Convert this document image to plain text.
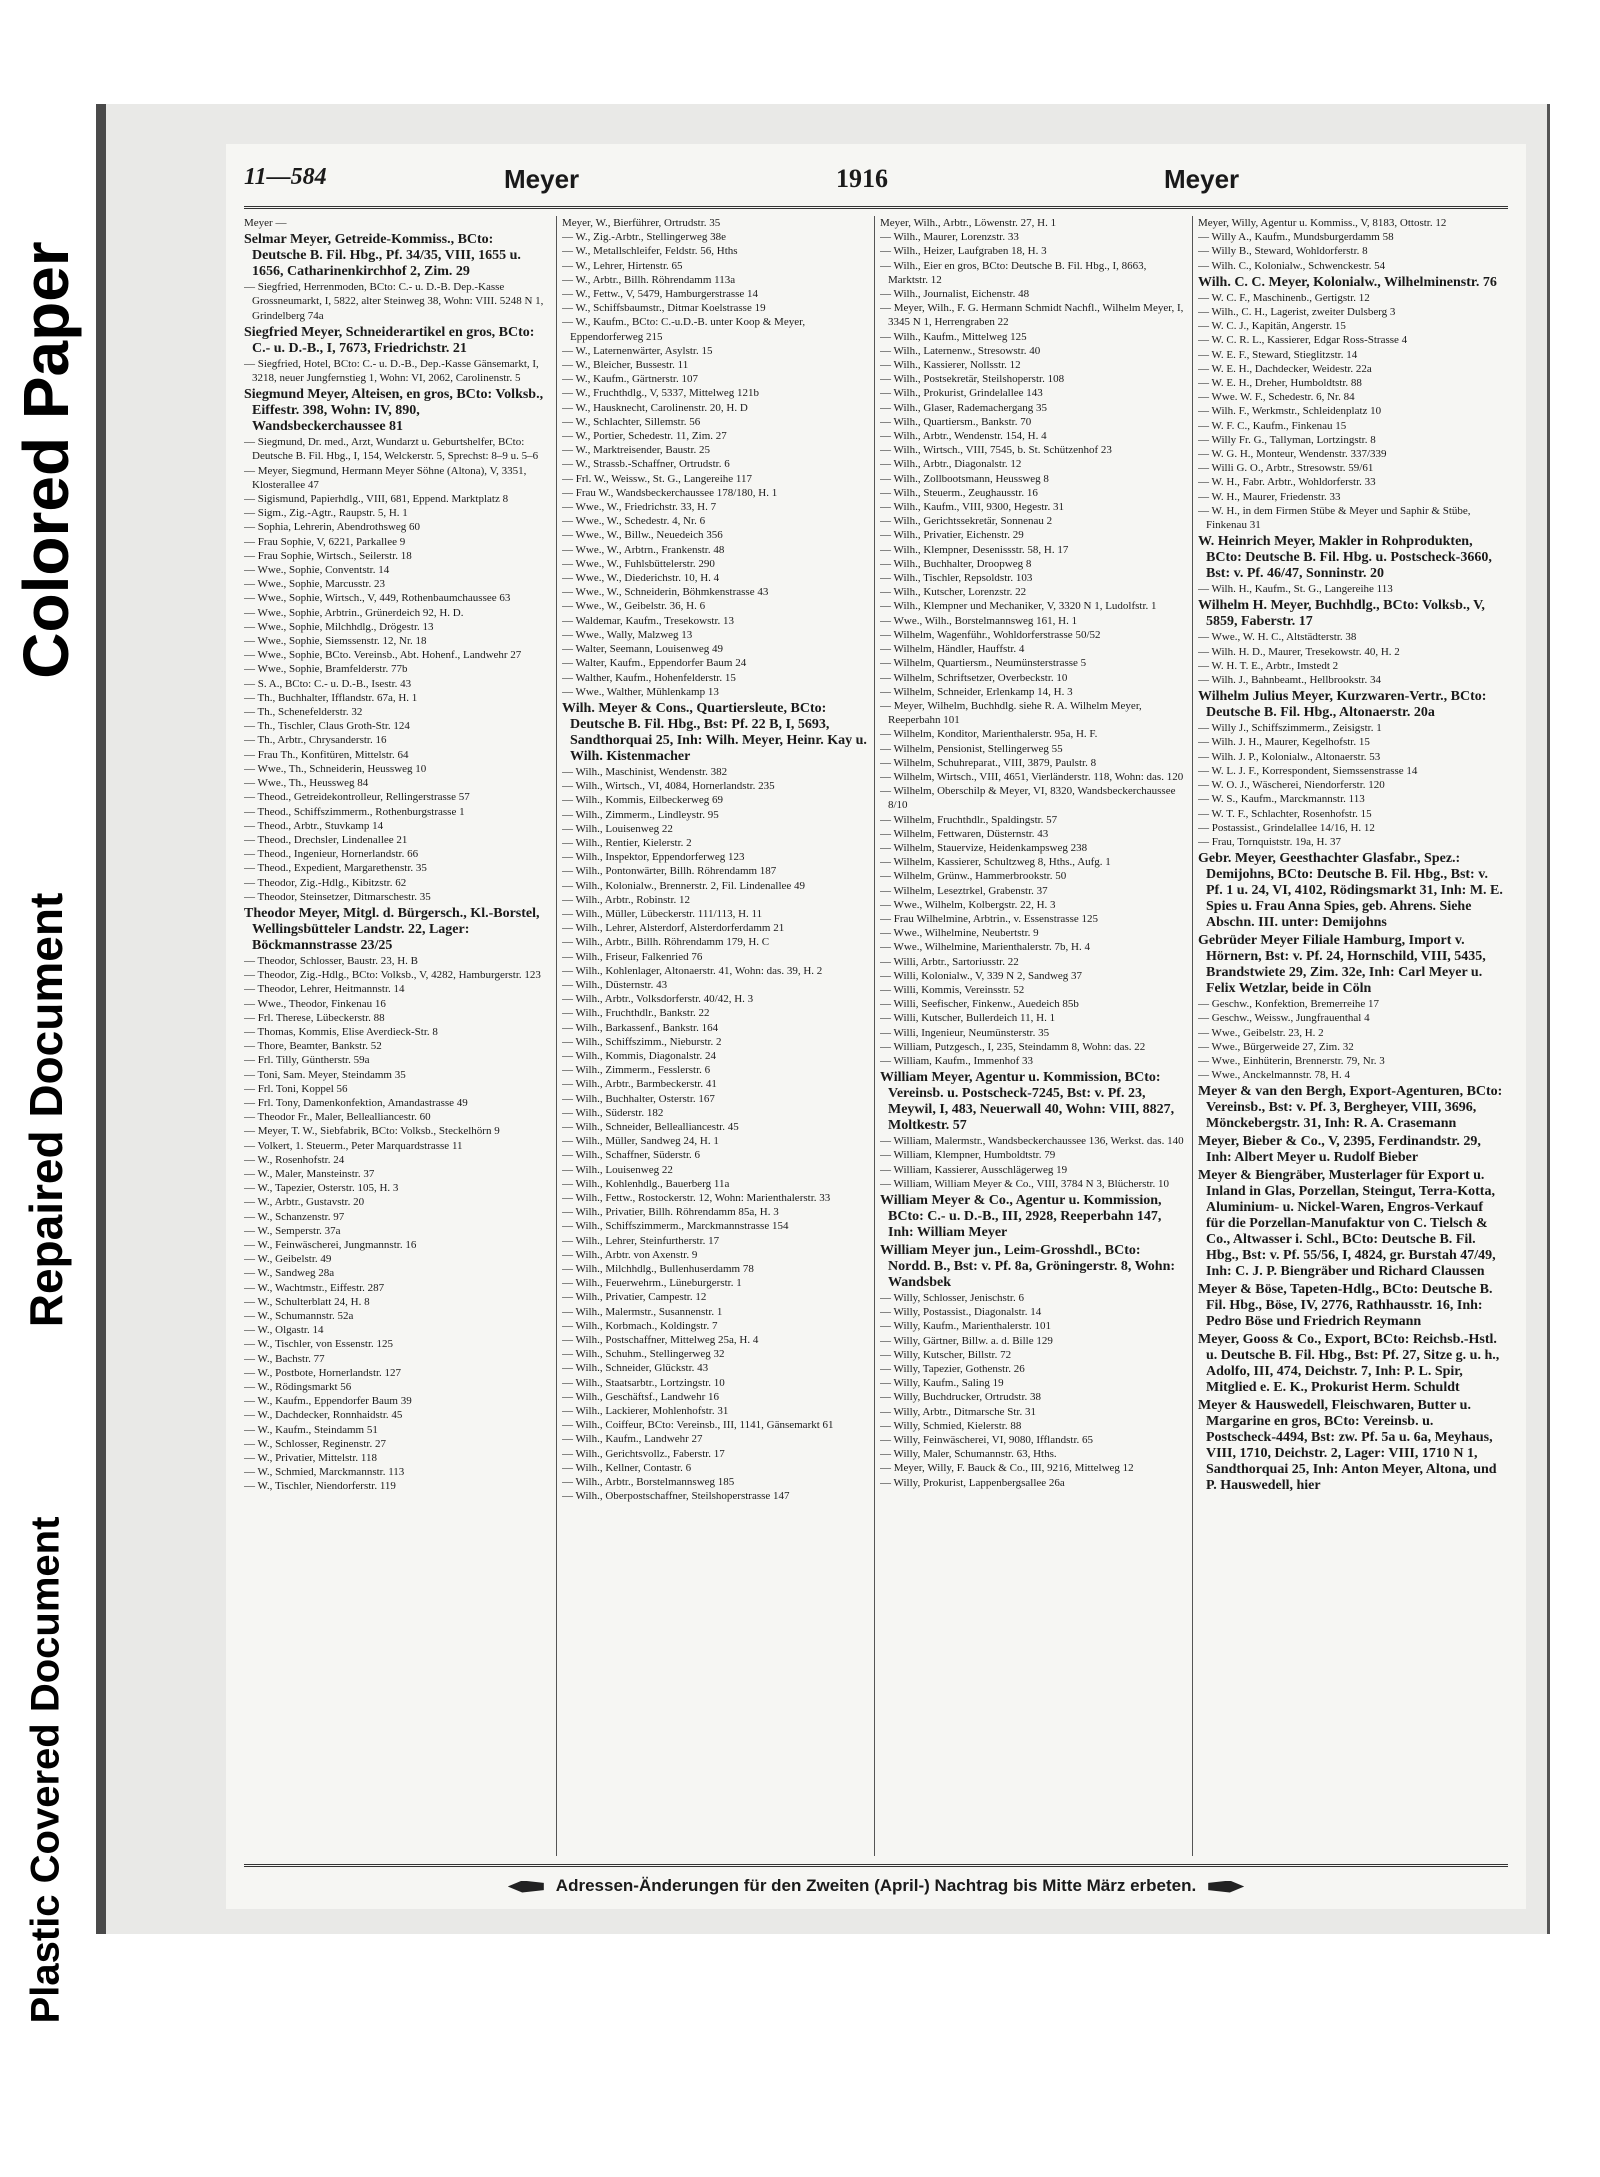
Colored Paper
Repaired Document
Plastic Covered Document
11—584	Meyer	1916	Meyer

Meyer —

Selmar Meyer, Getreide-Kommiss., BCto: Deutsche B. Fil. Hbg., Pf. 34/35, VIII, 1655 u. 1656, Catharinenkirchhof 2, Zim. 29

— Siegfried, Herrenmoden, BCto: C.- u. D.-B. Dep.-Kasse Grossneumarkt, I, 5822, alter Steinweg 38, Wohn: VIII. 5248 N 1, Grindelberg 74a

Siegfried Meyer, Schneiderartikel en gros, BCto: C.- u. D.-B., I, 7673, Friedrichstr. 21

— Siegfried, Hotel, BCto: C.- u. D.-B., Dep.-Kasse Gänsemarkt, I, 3218, neuer Jungfernstieg 1, Wohn: VI, 2062, Carolinenstr. 5

Siegmund Meyer, Alteisen, en gros, BCto: Volksb., Eiffestr. 398, Wohn: IV, 890, Wandsbeckerchaussee 81

— Siegmund, Dr. med., Arzt, Wundarzt u. Geburtshelfer, BCto: Deutsche B. Fil. Hbg., I, 154, Welckerstr. 5, Sprechst: 8–9 u. 5–6

— Meyer, Siegmund, Hermann Meyer Söhne (Altona), V, 3351, Klosterallee 47

— Sigismund, Papierhdlg., VIII, 681, Eppend. Marktplatz 8

— Sigm., Zig.-Agtr., Raupstr. 5, H. 1

— Sophia, Lehrerin, Abendrothsweg 60

— Frau Sophie, V, 6221, Parkallee 9

— Frau Sophie, Wirtsch., Seilerstr. 18

— Wwe., Sophie, Conventstr. 14

— Wwe., Sophie, Marcusstr. 23

— Wwe., Sophie, Wirtsch., V, 449, Rothenbaumchaussee 63

— Wwe., Sophie, Arbtrin., Grünerdeich 92, H. D.

— Wwe., Sophie, Milchhdlg., Drögestr. 13

— Wwe., Sophie, Siemssenstr. 12, Nr. 18

— Wwe., Sophie, BCto. Vereinsb., Abt. Hohenf., Landwehr 27

— Wwe., Sophie, Bramfelderstr. 77b

— S. A., BCto: C.- u. D.-B., Isestr. 43

— Th., Buchhalter, Ifflandstr. 67a, H. 1

— Th., Schenefelderstr. 32

— Th., Tischler, Claus Groth-Str. 124

— Th., Arbtr., Chrysanderstr. 16

— Frau Th., Konfitüren, Mittelstr. 64

— Wwe., Th., Schneiderin, Heussweg 10

— Wwe., Th., Heussweg 84

— Theod., Getreidekontrolleur, Rellingerstrasse 57

— Theod., Schiffszimmerm., Rothenburgstrasse 1

— Theod., Arbtr., Stuvkamp 14

— Theod., Drechsler, Lindenallee 21

— Theod., Ingenieur, Hornerlandstr. 66

— Theod., Expedient, Margarethenstr. 35

— Theodor, Zig.-Hdlg., Kibitzstr. 62

— Theodor, Steinsetzer, Ditmarschestr. 35

Theodor Meyer, Mitgl. d. Bürgersch., Kl.-Borstel, Wellingsbütteler Landstr. 22, Lager: Böckmannstrasse 23/25

— Theodor, Schlosser, Baustr. 23, H. B

— Theodor, Zig.-Hdlg., BCto: Volksb., V, 4282, Hamburgerstr. 123

— Theodor, Lehrer, Heitmannstr. 14

— Wwe., Theodor, Finkenau 16

— Frl. Therese, Lübeckerstr. 88

— Thomas, Kommis, Elise Averdieck-Str. 8

— Thore, Beamter, Bankstr. 52

— Frl. Tilly, Güntherstr. 59a

— Toni, Sam. Meyer, Steindamm 35

— Frl. Toni, Koppel 56

— Frl. Tony, Damenkonfektion, Amandastrasse 49

— Theodor Fr., Maler, Bellealliancestr. 60

— Meyer, T. W., Siebfabrik, BCto: Volksb., Steckelhörn 9

— Volkert, 1. Steuerm., Peter Marquardstrasse 11

— W., Rosenhofstr. 24

— W., Maler, Mansteinstr. 37

— W., Tapezier, Osterstr. 105, H. 3

— W., Arbtr., Gustavstr. 20

— W., Schanzenstr. 97

— W., Semperstr. 37a

— W., Feinwäscherei, Jungmannstr. 16

— W., Geibelstr. 49

— W., Sandweg 28a

— W., Wachtmstr., Eiffestr. 287

— W., Schulterblatt 24, H. 8

— W., Schumannstr. 52a

— W., Olgastr. 14

— W., Tischler, von Essenstr. 125

— W., Bachstr. 77

— W., Postbote, Hornerlandstr. 127

— W., Rödingsmarkt 56

— W., Kaufm., Eppendorfer Baum 39

— W., Dachdecker, Ronnhaidstr. 45

— W., Kaufm., Steindamm 51

— W., Schlosser, Reginenstr. 27

— W., Privatier, Mittelstr. 118

— W., Schmied, Marckmannstr. 113

— W., Tischler, Niendorferstr. 119

Meyer, W., Bierführer, Ortrudstr. 35

— W., Zig.-Arbtr., Stellingerweg 38e

— W., Metallschleifer, Feldstr. 56, Hths

— W., Lehrer, Hirtenstr. 65

— W., Arbtr., Billh. Röhrendamm 113a

— W., Fettw., V, 5479, Hamburgerstrasse 14

— W., Schiffsbaumstr., Ditmar Koelstrasse 19

— W., Kaufm., BCto: C.-u.D.-B. unter Koop & Meyer, Eppendorferweg 215

— W., Laternenwärter, Asylstr. 15

— W., Bleicher, Bussestr. 11

— W., Kaufm., Gärtnerstr. 107

— W., Fruchthdlg., V, 5337, Mittelweg 121b

— W., Hausknecht, Carolinenstr. 20, H. D

— W., Schlachter, Sillemstr. 56

— W., Portier, Schedestr. 11, Zim. 27

— W., Marktreisender, Baustr. 25

— W., Strassb.-Schaffner, Ortrudstr. 6

— Frl. W., Weissw., St. G., Langereihe 117

— Frau W., Wandsbeckerchaussee 178/180, H. 1

— Wwe., W., Friedrichstr. 33, H. 7

— Wwe., W., Schedestr. 4, Nr. 6

— Wwe., W., Billw., Neuedeich 356

— Wwe., W., Arbtrn., Frankenstr. 48

— Wwe., W., Fuhlsbüttelerstr. 290

— Wwe., W., Diederichstr. 10, H. 4

— Wwe., W., Schneiderin, Böhmkenstrasse 43

— Wwe., W., Geibelstr. 36, H. 6

— Waldemar, Kaufm., Tresekowstr. 13

— Wwe., Wally, Malzweg 13

— Walter, Seemann, Louisenweg 49

— Walter, Kaufm., Eppendorfer Baum 24

— Walther, Kaufm., Hohenfelderstr. 15

— Wwe., Walther, Mühlenkamp 13

Wilh. Meyer & Cons., Quartiersleute, BCto: Deutsche B. Fil. Hbg., Bst: Pf. 22 B, I, 5693, Sandthorquai 25, Inh: Wilh. Meyer, Heinr. Kay u. Wilh. Kistenmacher

— Wilh., Maschinist, Wendenstr. 382

— Wilh., Wirtsch., VI, 4084, Hornerlandstr. 235

— Wilh., Kommis, Eilbeckerweg 69

— Wilh., Zimmerm., Lindleystr. 95

— Wilh., Louisenweg 22

— Wilh., Rentier, Kielerstr. 2

— Wilh., Inspektor, Eppendorferweg 123

— Wilh., Pontonwärter, Billh. Röhrendamm 187

— Wilh., Kolonialw., Brennerstr. 2, Fil. Lindenallee 49

— Wilh., Arbtr., Robinstr. 12

— Wilh., Müller, Lübeckerstr. 111/113, H. 11

— Wilh., Lehrer, Alsterdorf, Alsterdorferdamm 21

— Wilh., Arbtr., Billh. Röhrendamm 179, H. C

— Wilh., Friseur, Falkenried 76

— Wilh., Kohlenlager, Altonaerstr. 41, Wohn: das. 39, H. 2

— Wilh., Düsternstr. 43

— Wilh., Arbtr., Volksdorferstr. 40/42, H. 3

— Wilh., Fruchthdlr., Bankstr. 22

— Wilh., Barkassenf., Bankstr. 164

— Wilh., Schiffszimm., Nieburstr. 2

— Wilh., Kommis, Diagonalstr. 24

— Wilh., Zimmerm., Fesslerstr. 6

— Wilh., Arbtr., Barmbeckerstr. 41

— Wilh., Buchhalter, Osterstr. 167

— Wilh., Süderstr. 182

— Wilh., Schneider, Bellealliancestr. 45

— Wilh., Müller, Sandweg 24, H. 1

— Wilh., Schaffner, Süderstr. 6

— Wilh., Louisenweg 22

— Wilh., Kohlenhdlg., Bauerberg 11a

— Wilh., Fettw., Rostockerstr. 12, Wohn: Marienthalerstr. 33

— Wilh., Privatier, Billh. Röhrendamm 85a, H. 3

— Wilh., Schiffszimmerm., Marckmannstrasse 154

— Wilh., Lehrer, Steinfurtherstr. 17

— Wilh., Arbtr. von Axenstr. 9

— Wilh., Milchhdlg., Bullenhuserdamm 78

— Wilh., Feuerwehrm., Lüneburgerstr. 1

— Wilh., Privatier, Campestr. 12

— Wilh., Malermstr., Susannenstr. 1

— Wilh., Korbmach., Koldingstr. 7

— Wilh., Postschaffner, Mittelweg 25a, H. 4

— Wilh., Schuhm., Stellingerweg 32

— Wilh., Schneider, Glückstr. 43

— Wilh., Staatsarbtr., Lortzingstr. 10

— Wilh., Geschäftsf., Landwehr 16

— Wilh., Lackierer, Mohlenhofstr. 31

— Wilh., Coiffeur, BCto: Vereinsb., III, 1141, Gänsemarkt 61

— Wilh., Kaufm., Landwehr 27

— Wilh., Gerichtsvollz., Faberstr. 17

— Wilh., Kellner, Contastr. 6

— Wilh., Arbtr., Borstelmannsweg 185

— Wilh., Oberpostschaffner, Steilshoperstrasse 147

Meyer, Wilh., Arbtr., Löwenstr. 27, H. 1

— Wilh., Maurer, Lorenzstr. 33

— Wilh., Heizer, Laufgraben 18, H. 3

— Wilh., Eier en gros, BCto: Deutsche B. Fil. Hbg., I, 8663, Marktstr. 12

— Wilh., Journalist, Eichenstr. 48

— Meyer, Wilh., F. G. Hermann Schmidt Nachfl., Wilhelm Meyer, I, 3345 N 1, Herrengraben 22

— Wilh., Kaufm., Mittelweg 125

— Wilh., Laternenw., Stresowstr. 40

— Wilh., Kassierer, Nollsstr. 12

— Wilh., Postsekretär, Steilshoperstr. 108

— Wilh., Prokurist, Grindelallee 143

— Wilh., Glaser, Rademachergang 35

— Wilh., Quartiersm., Bankstr. 70

— Wilh., Arbtr., Wendenstr. 154, H. 4

— Wilh., Wirtsch., VIII, 7545, b. St. Schützenhof 23

— Wilh., Arbtr., Diagonalstr. 12

— Wilh., Zollbootsmann, Heussweg 8

— Wilh., Steuerm., Zeughausstr. 16

— Wilh., Kaufm., VIII, 9300, Hegestr. 31

— Wilh., Gerichtssekretär, Sonnenau 2

— Wilh., Privatier, Eichenstr. 29

— Wilh., Klempner, Desenissstr. 58, H. 17

— Wilh., Buchhalter, Droopweg 8

— Wilh., Tischler, Repsoldstr. 103

— Wilh., Kutscher, Lorenzstr. 22

— Wilh., Klempner und Mechaniker, V, 3320 N 1, Ludolfstr. 1

— Wwe., Wilh., Borstelmannsweg 161, H. 1

— Wilhelm, Wagenführ., Wohldorferstrasse 50/52

— Wilhelm, Händler, Hauffstr. 4

— Wilhelm, Quartiersm., Neumünsterstrasse 5

— Wilhelm, Schriftsetzer, Overbeckstr. 10

— Wilhelm, Schneider, Erlenkamp 14, H. 3

— Meyer, Wilhelm, Buchhdlg. siehe R. A. Wilhelm Meyer, Reeperbahn 101

— Wilhelm, Konditor, Marienthalerstr. 95a, H. F.

— Wilhelm, Pensionist, Stellingerweg 55

— Wilhelm, Schuhreparat., VIII, 3879, Paulstr. 8

— Wilhelm, Wirtsch., VIII, 4651, Vierländerstr. 118, Wohn: das. 120

— Wilhelm, Oberschilp & Meyer, VI, 8320, Wandsbeckerchaussee 8/10

— Wilhelm, Fruchthdlr., Spaldingstr. 57

— Wilhelm, Fettwaren, Düsternstr. 43

— Wilhelm, Stauervize, Heidenkampsweg 238

— Wilhelm, Kassierer, Schultzweg 8, Hths., Aufg. 1

— Wilhelm, Grünw., Hammerbrookstr. 50

— Wilhelm, Leseztrkel, Grabenstr. 37

— Wwe., Wilhelm, Kolbergstr. 22, H. 3

— Frau Wilhelmine, Arbtrin., v. Essenstrasse 125

— Wwe., Wilhelmine, Neubertstr. 9

— Wwe., Wilhelmine, Marienthalerstr. 7b, H. 4

— Willi, Arbtr., Sartoriusstr. 22

— Willi, Kolonialw., V, 339 N 2, Sandweg 37

— Willi, Kommis, Vereinsstr. 52

— Willi, Seefischer, Finkenw., Auedeich 85b

— Willi, Kutscher, Bullerdeich 11, H. 1

— Willi, Ingenieur, Neumünsterstr. 35

— William, Putzgesch., I, 235, Steindamm 8, Wohn: das. 22

— William, Kaufm., Immenhof 33

William Meyer, Agentur u. Kommission, BCto: Vereinsb. u. Postscheck-7245, Bst: v. Pf. 23, Meywil, I, 483, Neuerwall 40, Wohn: VIII, 8827, Moltkestr. 57

— William, Malermstr., Wandsbeckerchaussee 136, Werkst. das. 140

— William, Klempner, Humboldtstr. 79

— William, Kassierer, Ausschlägerweg 19

— William, William Meyer & Co., VIII, 3784 N 3, Blücherstr. 10

William Meyer & Co., Agentur u. Kommission, BCto: C.- u. D.-B., III, 2928, Reeperbahn 147, Inh: William Meyer

William Meyer jun., Leim-Grosshdl., BCto: Nordd. B., Bst: v. Pf. 8a, Gröningerstr. 8, Wohn: Wandsbek

— Willy, Schlosser, Jenischstr. 6

— Willy, Postassist., Diagonalstr. 14

— Willy, Kaufm., Marienthalerstr. 101

— Willy, Gärtner, Billw. a. d. Bille 129

— Willy, Kutscher, Billstr. 72

— Willy, Tapezier, Gothenstr. 26

— Willy, Kaufm., Saling 19

— Willy, Buchdrucker, Ortrudstr. 38

— Willy, Arbtr., Ditmarsche Str. 31

— Willy, Schmied, Kielerstr. 88

— Willy, Feinwäscherei, VI, 9080, Ifflandstr. 65

— Willy, Maler, Schumannstr. 63, Hths.

— Meyer, Willy, F. Bauck & Co., III, 9216, Mittelweg 12

— Willy, Prokurist, Lappenbergsallee 26a

Meyer, Willy, Agentur u. Kommiss., V, 8183, Ottostr. 12

— Willy A., Kaufm., Mundsburgerdamm 58

— Willy B., Steward, Wohldorferstr. 8

— Wilh. C., Kolonialw., Schwenckestr. 54

Wilh. C. C. Meyer, Kolonialw., Wilhelminenstr. 76

— W. C. F., Maschinenb., Gertigstr. 12

— Wilh., C. H., Lagerist, zweiter Dulsberg 3

— W. C. J., Kapitän, Angerstr. 15

— W. C. R. L., Kassierer, Edgar Ross-Strasse 4

— W. E. F., Steward, Stieglitzstr. 14

— W. E. H., Dachdecker, Weidestr. 22a

— W. E. H., Dreher, Humboldtstr. 88

— Wwe. W. F., Schedestr. 6, Nr. 84

— Wilh. F., Werkmstr., Schleidenplatz 10

— W. F. C., Kaufm., Finkenau 15

— Willy Fr. G., Tallyman, Lortzingstr. 8

— W. G. H., Monteur, Wendenstr. 337/339

— Willi G. O., Arbtr., Stresowstr. 59/61

— W. H., Fabr. Arbtr., Wohldorferstr. 33

— W. H., Maurer, Friedenstr. 33

— W. H., in dem Firmen Stübe & Meyer und Saphir & Stübe, Finkenau 31

W. Heinrich Meyer, Makler in Rohprodukten, BCto: Deutsche B. Fil. Hbg. u. Postscheck-3660, Bst: v. Pf. 46/47, Sonninstr. 20

— Wilh. H., Kaufm., St. G., Langereihe 113

Wilhelm H. Meyer, Buchhdlg., BCto: Volksb., V, 5859, Faberstr. 17

— Wwe., W. H. C., Altstädterstr. 38

— Wilh. H. D., Maurer, Tresekowstr. 40, H. 2

— W. H. T. E., Arbtr., Imstedt 2

— Wilh. J., Bahnbeamt., Hellbrookstr. 34

Wilhelm Julius Meyer, Kurzwaren-Vertr., BCto: Deutsche B. Fil. Hbg., Altonaerstr. 20a

— Willy J., Schiffszimmerm., Zeisigstr. 1

— Wilh. J. H., Maurer, Kegelhofstr. 15

— Wilh. J. P., Kolonialw., Altonaerstr. 53

— W. L. J. F., Korrespondent, Siemssenstrasse 14

— W. O. J., Wäscherei, Niendorferstr. 120

— W. S., Kaufm., Marckmannstr. 113

— W. T. F., Schlachter, Rosenhofstr. 15

— Postassist., Grindelallee 14/16, H. 12

— Frau, Tornquiststr. 19a, H. 37

Gebr. Meyer, Geesthachter Glasfabr., Spez.: Demijohns, BCto: Deutsche B. Fil. Hbg., Bst: v. Pf. 1 u. 24, VI, 4102, Rödingsmarkt 31, Inh: M. E. Spies u. Frau Anna Spies, geb. Ahrens. Siehe Abschn. III. unter: Demijohns

Gebrüder Meyer Filiale Hamburg, Import v. Hörnern, Bst: v. Pf. 24, Hornschild, VIII, 5435, Brandstwiete 29, Zim. 32e, Inh: Carl Meyer u. Felix Wetzlar, beide in Cöln

— Geschw., Konfektion, Bremerreihe 17

— Geschw., Weissw., Jungfrauenthal 4

— Wwe., Geibelstr. 23, H. 2

— Wwe., Bürgerweide 27, Zim. 32

— Wwe., Einhüterin, Brennerstr. 79, Nr. 3

— Wwe., Anckelmannstr. 78, H. 4

Meyer & van den Bergh, Export-Agenturen, BCto: Vereinsb., Bst: v. Pf. 3, Bergheyer, VIII, 3696, Mönckebergstr. 31, Inh: R. A. Crasemann

Meyer, Bieber & Co., V, 2395, Ferdinandstr. 29, Inh: Albert Meyer u. Rudolf Bieber

Meyer & Biengräber, Musterlager für Export u. Inland in Glas, Porzellan, Steingut, Terra-Kotta, Aluminium- u. Nickel-Waren, Engros-Verkauf für die Porzellan-Manufaktur von C. Tielsch & Co., Altwasser i. Schl., BCto: Deutsche B. Fil. Hbg., Bst: v. Pf. 55/56, I, 4824, gr. Burstah 47/49, Inh: C. J. P. Biengräber und Richard Claussen

Meyer & Böse, Tapeten-Hdlg., BCto: Deutsche B. Fil. Hbg., Böse, IV, 2776, Rathhausstr. 16, Inh: Pedro Böse und Friedrich Reymann

Meyer, Gooss & Co., Export, BCto: Reichsb.-Hstl. u. Deutsche B. Fil. Hbg., Bst: Pf. 27, Sitze g. u. h., Adolfo, III, 474, Deichstr. 7, Inh: P. L. Spir, Mitglied e. E. K., Prokurist Herm. Schuldt

Meyer & Hauswedell, Fleischwaren, Butter u. Margarine en gros, BCto: Vereinsb. u. Postscheck-4494, Bst: zw. Pf. 5a u. 6a, Meyhaus, VIII, 1710, Deichstr. 2, Lager: VIII, 1710 N 1, Sandthorquai 25, Inh: Anton Meyer, Altona, und P. Hauswedell, hier

Adressen-Änderungen für den Zweiten (April-) Nachtrag bis Mitte März erbeten.
